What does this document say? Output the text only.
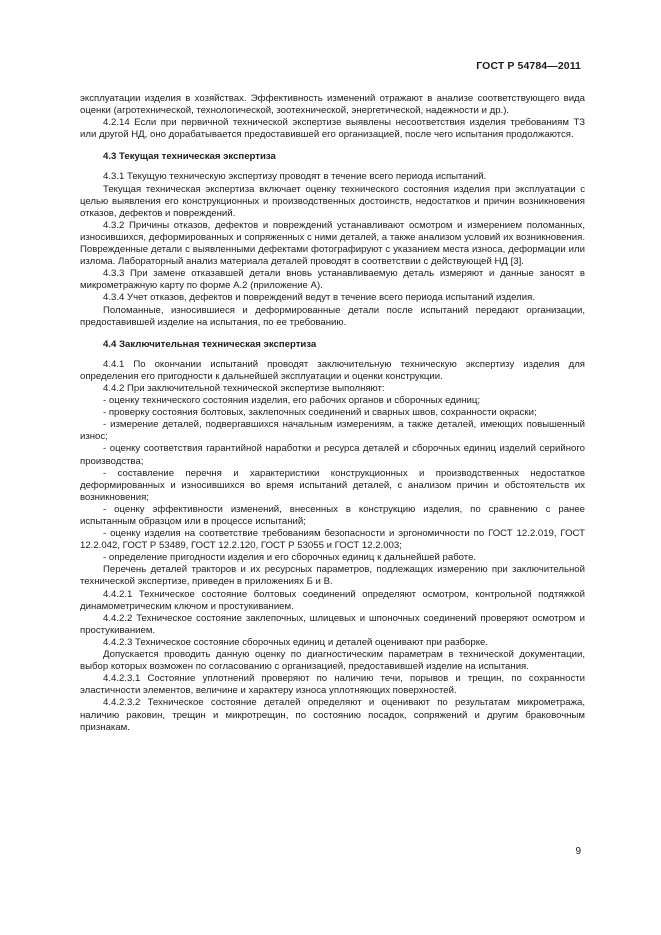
ГОСТ Р 54784—2011

эксплуатации изделия в хозяйствах. Эффективность изменений отражают в анализе соответствующего вида оценки (агротехнической, технологической, зоотехнической, энергетической, надежности и др.).

4.2.14 Если при первичной технической экспертизе выявлены несоответствия изделия требованиям ТЗ или другой НД, оно дорабатывается предоставившей его организацией, после чего испытания продолжаются.

4.3 Текущая техническая экспертиза

4.3.1 Текущую техническую экспертизу проводят в течение всего периода испытаний.

Текущая техническая экспертиза включает оценку технического состояния изделия при эксплуатации с целью выявления его конструкционных и производственных достоинств, недостатков и причин возникновения отказов, дефектов и повреждений.

4.3.2 Причины отказов, дефектов и повреждений устанавливают осмотром и измерением поломанных, износившихся, деформированных и сопряженных с ними деталей, а также анализом условий их возникновения. Поврежденные детали с выявленными дефектами фотографируют с указанием места износа, деформации или излома. Лабораторный анализ материала деталей проводят в соответствии с действующей НД [3].

4.3.3 При замене отказавшей детали вновь устанавливаемую деталь измеряют и данные заносят в микрометражную карту по форме А.2 (приложение А).

4.3.4 Учет отказов, дефектов и повреждений ведут в течение всего периода испытаний изделия.

Поломанные, износившиеся и деформированные детали после испытаний передают организации, предоставившей изделие на испытания, по ее требованию.

4.4 Заключительная техническая экспертиза

4.4.1 По окончании испытаний проводят заключительную техническую экспертизу изделия для определения его пригодности к дальнейшей эксплуатации и оценки конструкции.

4.4.2 При заключительной технической экспертизе выполняют:

- оценку технического состояния изделия, его рабочих органов и сборочных единиц;

- проверку состояния болтовых, заклепочных соединений и сварных швов, сохранности окраски;

- измерение деталей, подвергавшихся начальным измерениям, а также деталей, имеющих повышенный износ;

- оценку соответствия гарантийной наработки и ресурса деталей и сборочных единиц изделий серийного производства;

- составление перечня и характеристики конструкционных и производственных недостатков деформированных и износившихся во время испытаний деталей, с анализом причин и обстоятельств их возникновения;

- оценку эффективности изменений, внесенных в конструкцию изделия, по сравнению с ранее испытанным образцом или в процессе испытаний;

- оценку изделия на соответствие требованиям безопасности и эргономичности по ГОСТ 12.2.019, ГОСТ 12.2.042, ГОСТ Р 53489, ГОСТ 12.2.120, ГОСТ Р 53055 и ГОСТ 12.2.003;

- определение пригодности изделия и его сборочных единиц к дальнейшей работе.

Перечень деталей тракторов и их ресурсных параметров, подлежащих измерению при заключительной технической экспертизе, приведен в приложениях Б и В.

4.4.2.1 Техническое состояние болтовых соединений определяют осмотром, контрольной подтяжкой динамометрическим ключом и простукиванием.

4.4.2.2 Техническое состояние заклепочных, шлицевых и шпоночных соединений проверяют осмотром и простукиванием.

4.4.2.3 Техническое состояние сборочных единиц и деталей оценивают при разборке.

Допускается проводить данную оценку по диагностическим параметрам в технической документации, выбор которых возможен по согласованию с организацией, предоставившей изделие на испытания.

4.4.2.3.1 Состояние уплотнений проверяют по наличию течи, порывов и трещин, по сохранности эластичности элементов, величине и характеру износа уплотняющих поверхностей.

4.4.2.3.2 Техническое состояние деталей определяют и оценивают по результатам микрометража, наличию раковин, трещин и микротрещин, по состоянию посадок, сопряжений и другим браковочным признакам.

9
